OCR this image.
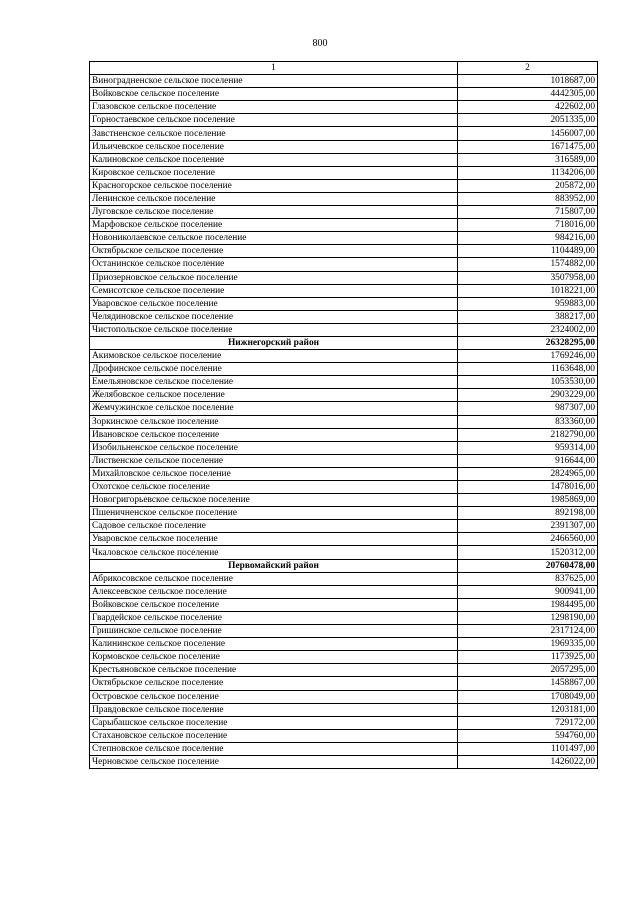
800
1	2
Виноградненское сельское поселение	1018687,00
Войковское сельское поселение	4442305,00
Глазовское сельское поселение	422602,00
Горностаевское сельское поселение	2051335,00
Завстненское сельское поселение	1456007,00
Ильичевское сельское поселение	1671475,00
Калиновское сельское поселение	316589,00
Кировское сельское поселение	1134206,00
Красногорское сельское поселение	205872,00
Ленинское сельское поселение	883952,00
Луговское сельское поселение	715807,00
Марфовское сельское поселение	718016,00
Новониколаевское сельское поселение	984216,00
Октябрьское сельское поселение	1104489,00
Останинское сельское поселение	1574882,00
Приозерновское сельское поселение	3507958,00
Семисотское сельское поселение	1018221,00
Уваровское сельское поселение	959883,00
Челядиновское сельское поселение	388217,00
Чистопольское сельское поселение	2324002,00
Нижнегорский район	26328295,00
Акимовское сельское поселение	1769246,00
Дрофинское сельское поселение	1163648,00
Емельяновское сельское поселение	1053530,00
Желябовское сельское поселение	2903229,00
Жемчужинское сельское поселение	987307,00
Зоркинское сельское поселение	833360,00
Ивановское сельское поселение	2182790,00
Изобильненское сельское поселение	959314,00
Лиственское сельское поселение	916644,00
Михайловское сельское поселение	2824965,00
Охотское сельское поселение	1478016,00
Новогригорьевское сельское поселение	1985869,00
Пшеничненское сельское поселение	892198,00
Садовое сельское поселение	2391307,00
Уваровское сельское поселение	2466560,00
Чкаловское сельское поселение	1520312,00
Первомайский район	20760478,00
Абрикосовское сельское поселение	837625,00
Алексеевское сельское поселение	900941,00
Войковское сельское поселение	1984495,00
Гвардейское сельское поселение	1298190,00
Гришинское сельское поселение	2317124,00
Калининское сельское поселение	1969335,00
Кормовское сельское поселение	1173925,00
Крестьяновское сельское поселение	2057295,00
Октябрьское сельское поселение	1458867,00
Островское сельское поселение	1708049,00
Правдовское сельское поселение	1203181,00
Сарыбашское сельское поселение	729172,00
Стахановское сельское поселение	594760,00
Степновское сельское поселение	1101497,00
Черновское сельское поселение	1426022,00
